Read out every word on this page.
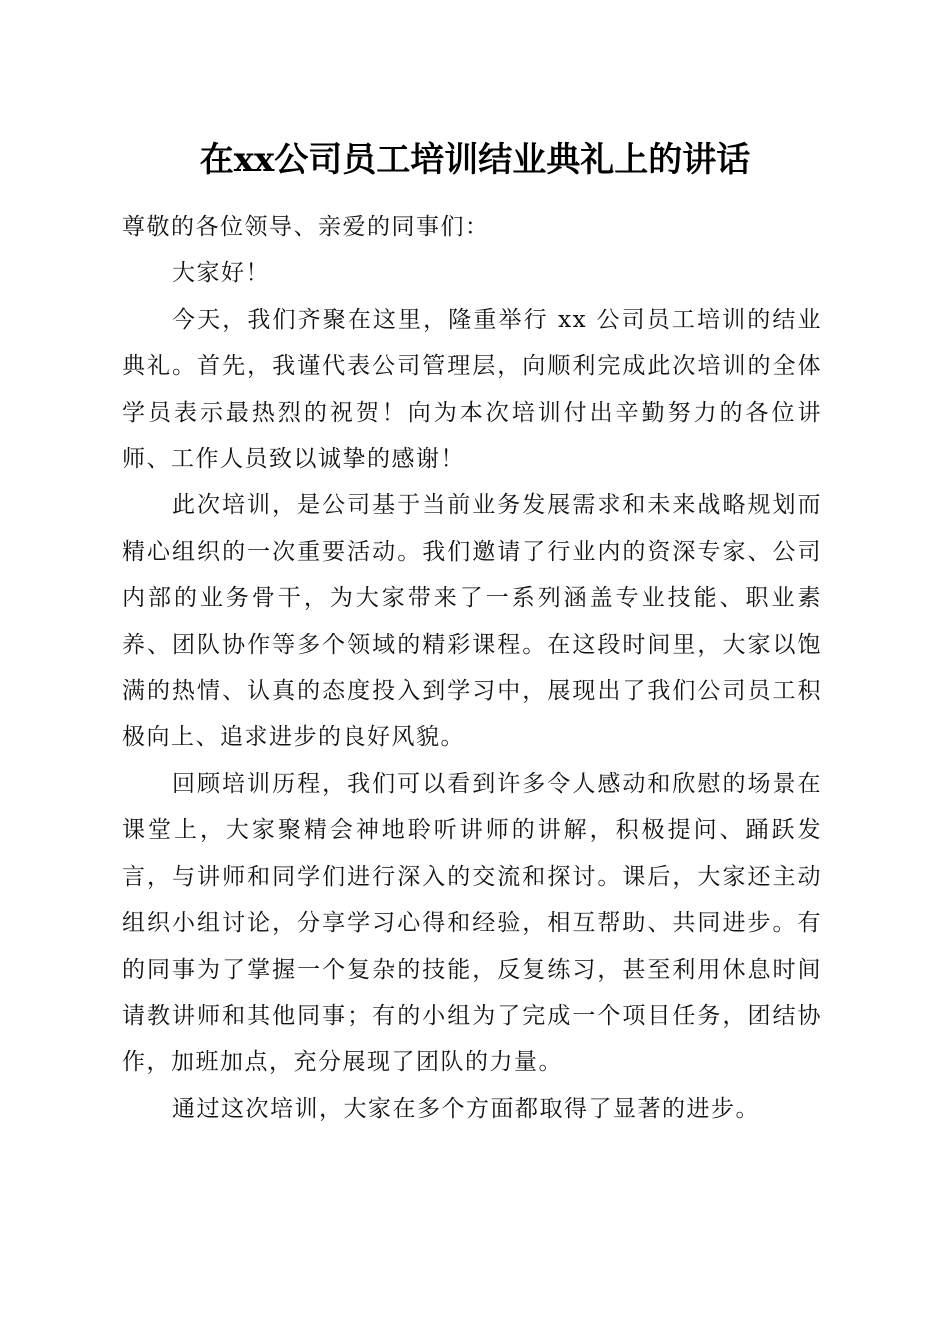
在xx公司员工培训结业典礼上的讲话

尊敬的各位领导、亲爱的同事们：

大家好！

今天，我们齐聚在这里，隆重举行 xx 公司员工培训的结业典礼。首先，我谨代表公司管理层，向顺利完成此次培训的全体学员表示最热烈的祝贺！向为本次培训付出辛勤努力的各位讲师、工作人员致以诚挚的感谢！

此次培训，是公司基于当前业务发展需求和未来战略规划而精心组织的一次重要活动。我们邀请了行业内的资深专家、公司内部的业务骨干，为大家带来了一系列涵盖专业技能、职业素养、团队协作等多个领域的精彩课程。在这段时间里，大家以饱满的热情、认真的态度投入到学习中，展现出了我们公司员工积极向上、追求进步的良好风貌。

回顾培训历程，我们可以看到许多令人感动和欣慰的场景在课堂上，大家聚精会神地聆听讲师的讲解，积极提问、踊跃发言，与讲师和同学们进行深入的交流和探讨。课后，大家还主动组织小组讨论，分享学习心得和经验，相互帮助、共同进步。有的同事为了掌握一个复杂的技能，反复练习，甚至利用休息时间请教讲师和其他同事；有的小组为了完成一个项目任务，团结协作，加班加点，充分展现了团队的力量。

通过这次培训，大家在多个方面都取得了显著的进步。
